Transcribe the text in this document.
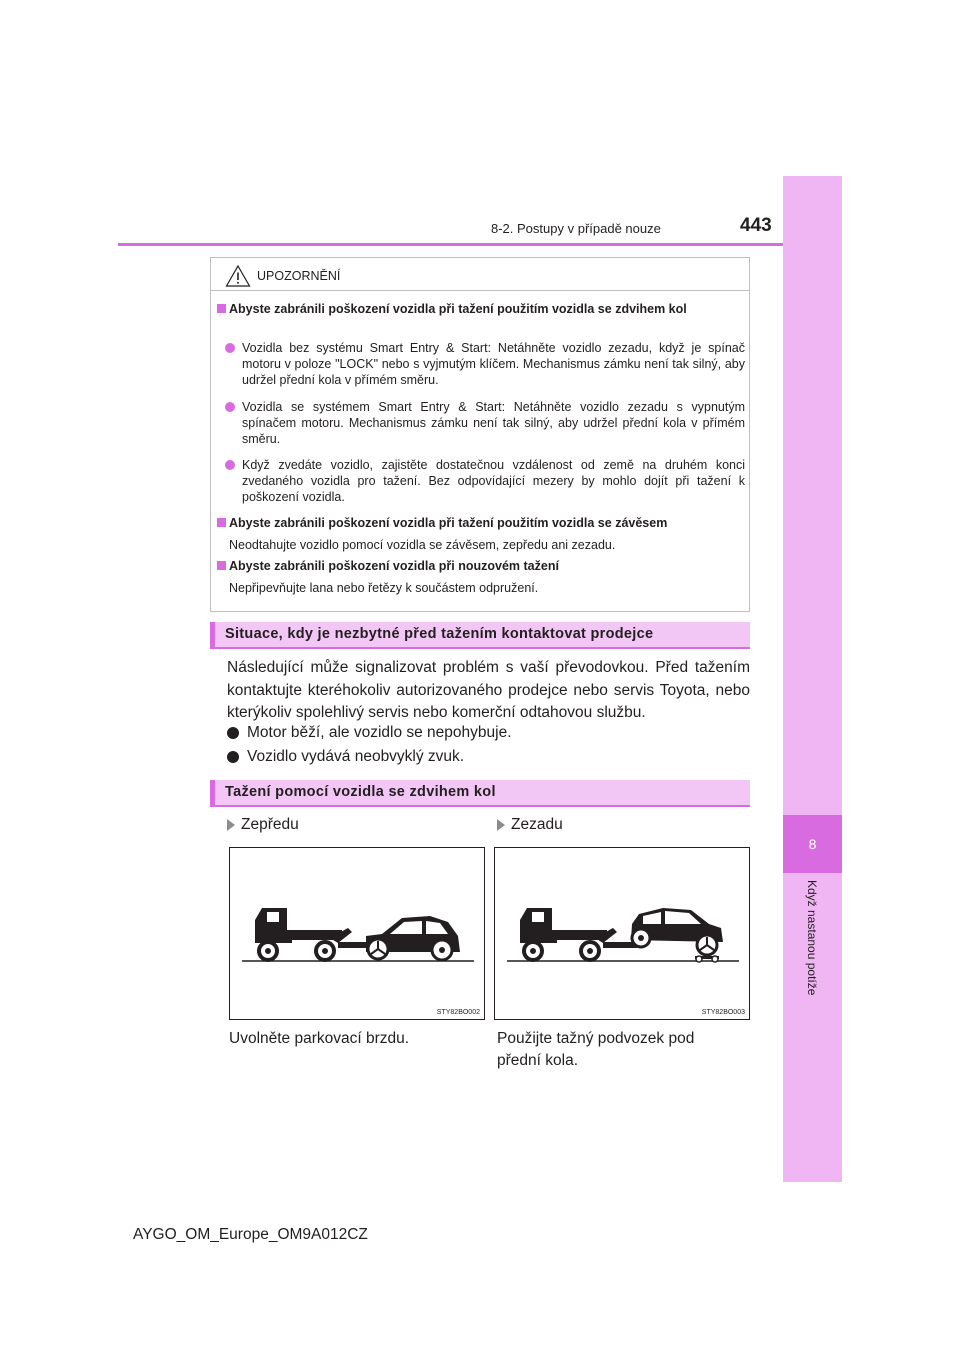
8
Když nastanou potíže
8-2. Postupy v případě nouze	443
UPOZORNĚNÍ
Abyste zabránili poškození vozidla při tažení použitím vozidla se zdvihem kol
Vozidla bez systému Smart Entry & Start: Netáhněte vozidlo zezadu, když je spínač motoru v poloze "LOCK" nebo s vyjmutým klíčem. Mechanismus zámku není tak silný, aby udržel přední kola v přímém směru.
Vozidla se systémem Smart Entry & Start: Netáhněte vozidlo zezadu s vypnutým spínačem motoru. Mechanismus zámku není tak silný, aby udržel přední kola v přímém směru.
Když zvedáte vozidlo, zajistěte dostatečnou vzdálenost od země na druhém konci zvedaného vozidla pro tažení. Bez odpovídající mezery by mohlo dojít při tažení k poškození vozidla.
Abyste zabránili poškození vozidla při tažení použitím vozidla se závěsem
Neodtahujte vozidlo pomocí vozidla se závěsem, zepředu ani zezadu.
Abyste zabránili poškození vozidla při nouzovém tažení
Nepřipevňujte lana nebo řetězy k součástem odpružení.
Situace, kdy je nezbytné před tažením kontaktovat prodejce
Následující může signalizovat problém s vaší převodovkou. Před tažením kontaktujte kteréhokoliv autorizovaného prodejce nebo servis Toyota, nebo kterýkoliv spolehlivý servis nebo komerční odtahovou službu.
Motor běží, ale vozidlo se nepohybuje.
Vozidlo vydává neobvyklý zvuk.
Tažení pomocí vozidla se zdvihem kol
Zepředu	Zezadu
STY82BO002	STY82BO003
Uvolněte parkovací brzdu.	Použijte tažný podvozek pod
přední kola.
AYGO_OM_Europe_OM9A012CZ
